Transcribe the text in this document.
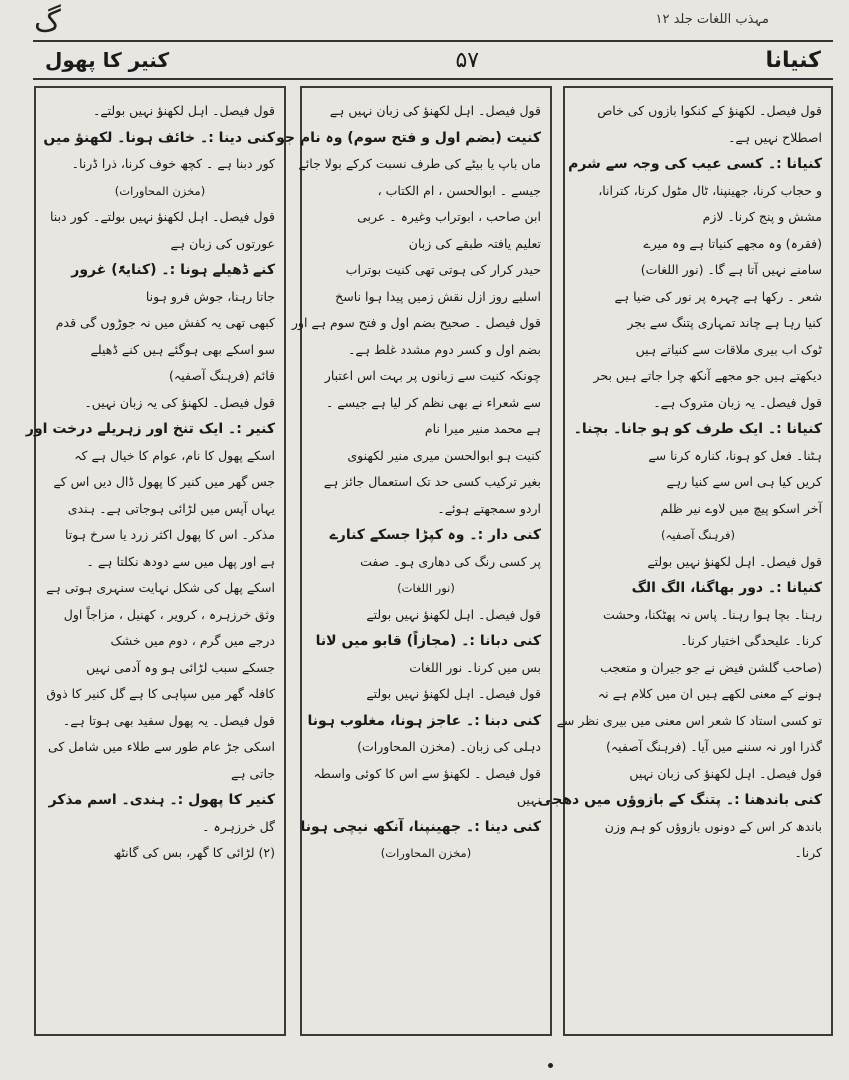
گ	مہذب اللغات جلد ۱۲
کنیر کا پھول	۵۷	کنیانا
قول فیصل۔ لکھنؤ کے کنکوا بازوں کی خاص
اصطلاح نہیں ہے۔
کنیانا :۔ کسی عیب کی وجہ سے شرم
و حجاب کرنا، جھینپنا، ٹال مٹول کرنا، کترانا،
مشش و پنج کرنا۔ لازم
(فقرہ) وہ مجھے کنیاتا ہے وہ میرے
سامنے نہیں آتا ہے گا۔ (نور اللغات)
شعر ۔ رکھا ہے چہرہ پر نور کی ضیا ہے
کنیا رہا ہے چاند تمہاری پتنگ سے بجر
ٹوک اب بیری ملاقات سے کنیاتے ہیں
دیکھتے ہیں جو مجھے آنکھ چرا جاتے ہیں بحر
قول فیصل۔ یہ زبان متروک ہے۔
کنیانا :۔ ایک طرف کو ہو جانا۔ بچنا۔
ہٹنا۔ فعل کو ہونا، کنارہ کرنا سے
کریں کیا ہی اس سے کنیا رہے
آخر اسکو پیچ میں لاوے نیر ظلم
(فرہنگ آصفیہ)
قول فیصل۔ اہل لکھنؤ نہیں بولتے
کنیانا :۔ دور بھاگنا، الگ الگ
رہنا۔ بچا ہوا رہنا۔ پاس نہ پھٹکنا، وحشت
کرنا۔ علیحدگی اختیار کرنا۔
(صاحب گلشن فیض نے جو جیران و متعجب
ہونے کے معنی لکھے ہیں ان میں کلام ہے نہ
تو کسی استاد کا شعر اس معنی میں بیری نظر سے
گذرا اور نہ سننے میں آیا۔ (فرہنگ آصفیہ)
قول فیصل۔ اہل لکھنؤ کی زبان نہیں
کنی باندھنا :۔ پتنگ کے بازوؤں میں دھجی
باندھ کر اس کے دونوں بازوؤں کو ہم وزن
کرنا۔
قول فیصل۔ اہل لکھنؤ کی زبان نہیں ہے
کنیت (بضم اول و فتح سوم) وہ نام جو
ماں باپ یا بیٹے کی طرف نسبت کرکے بولا جائے
جیسے ۔ ابوالحسن ، ام الکتاب ،
ابن صاحب ، ابوتراب وغیرہ ۔ عربی
تعلیم یافتہ طبقے کی زبان
حیدر کرار کی ہوتی تھی کنیت بوتراب
اسلیے روز ازل نقش زمیں پیدا ہوا ناسخ
قول فیصل ۔ صحیح بضم اول و فتح سوم ہے اور
بضم اول و کسر دوم مشدد غلط ہے۔
چونکہ کنیت سے زبانوں پر بہت اس اعتبار
سے شعراء نے بھی نظم کر لیا ہے جیسے ۔
ہے محمد منیر میرا نام
کنیت ہو ابوالحسن میری منیر لکھنوی
بغیر ترکیب کسی حد تک استعمال جائز ہے
اردو سمجھتے ہوئے۔
کنی دار :۔ وہ کپڑا جسکے کنارے
پر کسی رنگ کی دھاری ہو۔ صفت
(نور اللغات)
قول فیصل۔ اہل لکھنؤ نہیں بولتے
کنی دبانا :۔ (مجازاً) قابو میں لانا
بس میں کرنا۔ نور اللغات
قول فیصل۔ اہل لکھنؤ نہیں بولتے
کنی دبنا :۔ عاجز ہونا، مغلوب ہونا
دہلی کی زبان۔ (مخزن المحاورات)
قول فیصل ۔ لکھنؤ سے اس کا کوئی واسطہ
نہیں
کنی دینا :۔ جھینپنا، آنکھ نیچی ہونا
(مخزن المحاورات)
قول فیصل۔ اہل لکھنؤ نہیں بولتے۔
کنی دینا :۔ خائف ہونا۔ لکھنؤ میں
کور دبنا ہے ۔ کچھ خوف کرنا، ذرا ڈرنا۔
(مخزن المحاورات)
قول فیصل۔ اہل لکھنؤ نہیں بولتے۔ کور دبنا
عورتوں کی زبان ہے
کنے ڈھیلے ہونا :۔ (کنایۃً) غرور
جاتا رہنا، جوش فرو ہونا
کبھی تھی یہ کفش میں نہ جوڑوں گی قدم
سو اسکے بھی ہوگئے ہیں کنے ڈھیلے
قائم (فرہنگ آصفیہ)
قول فیصل۔ لکھنؤ کی یہ زبان نہیں۔
کنیر :۔ ایک تنخ اور زہریلے درخت اور
اسکے پھول کا نام، عوام کا خیال ہے کہ
جس گھر میں کنیر کا پھول ڈال دیں اس کے
یہاں آپس میں لڑائی ہوجاتی ہے۔ ہندی
مذکر۔ اس کا پھول اکثر زرد یا سرخ ہوتا
ہے اور پھل میں سے دودھ نکلتا ہے ۔
اسکے پھل کی شکل نہایت سنہری ہوتی ہے
وثق خرزہرہ ، کرویر ، کھنیل ، مزاجاً اول
درجے میں گرم ، دوم میں خشک
جسکے سبب لڑائی ہو وہ آدمی نہیں
کافلہ گھر میں سپاہی کا ہے گل کنیر کا ذوق
قول فیصل۔ یہ پھول سفید بھی ہوتا ہے۔
اسکی جڑ عام طور سے طلاء میں شامل کی
جاتی ہے
کنیر کا پھول :۔ ہندی۔ اسم مذکر
گل خرزہرہ ۔
(۲) لڑائی کا گھر، بس کی گانٹھ
